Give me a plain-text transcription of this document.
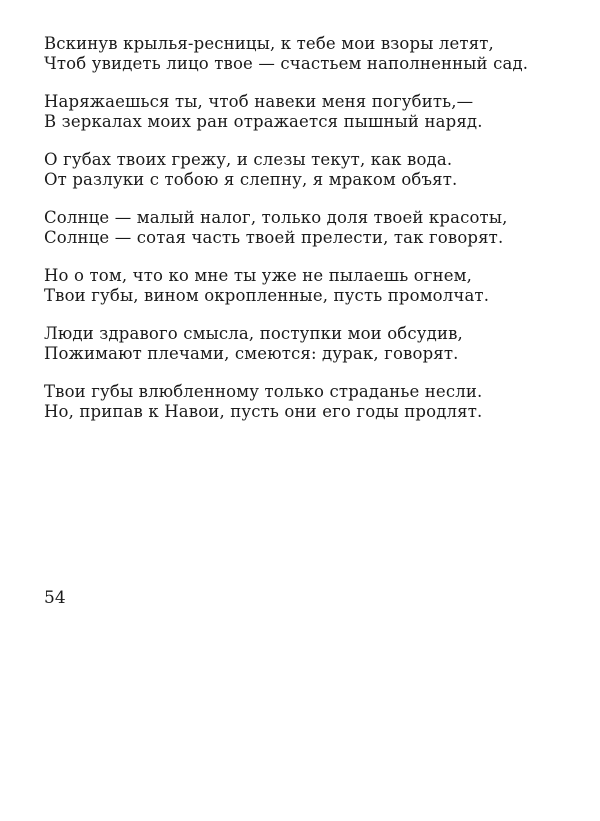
Вскинув крылья-ресницы, к тебе мои взоры летят,
Чтоб увидеть лицо твое — счастьем наполненный сад.
Наряжаешься ты, чтоб навеки меня погубить,—
В зеркалах моих ран отражается пышный наряд.
О губах твоих грежу, и слезы текут, как вода.
От разлуки с тобою я слепну, я мраком объят.
Солнце — малый налог, только доля твоей красоты,
Солнце — сотая часть твоей прелести, так говорят.
Но о том, что ко мне ты уже не пылаешь огнем,
Твои губы, вином окропленные, пусть промолчат.
Люди здравого смысла, поступки мои обсудив,
Пожимают плечами, смеются: дурак, говорят.
Твои губы влюбленному только страданье несли.
Но, припав к Навои, пусть они его годы продлят.
54
